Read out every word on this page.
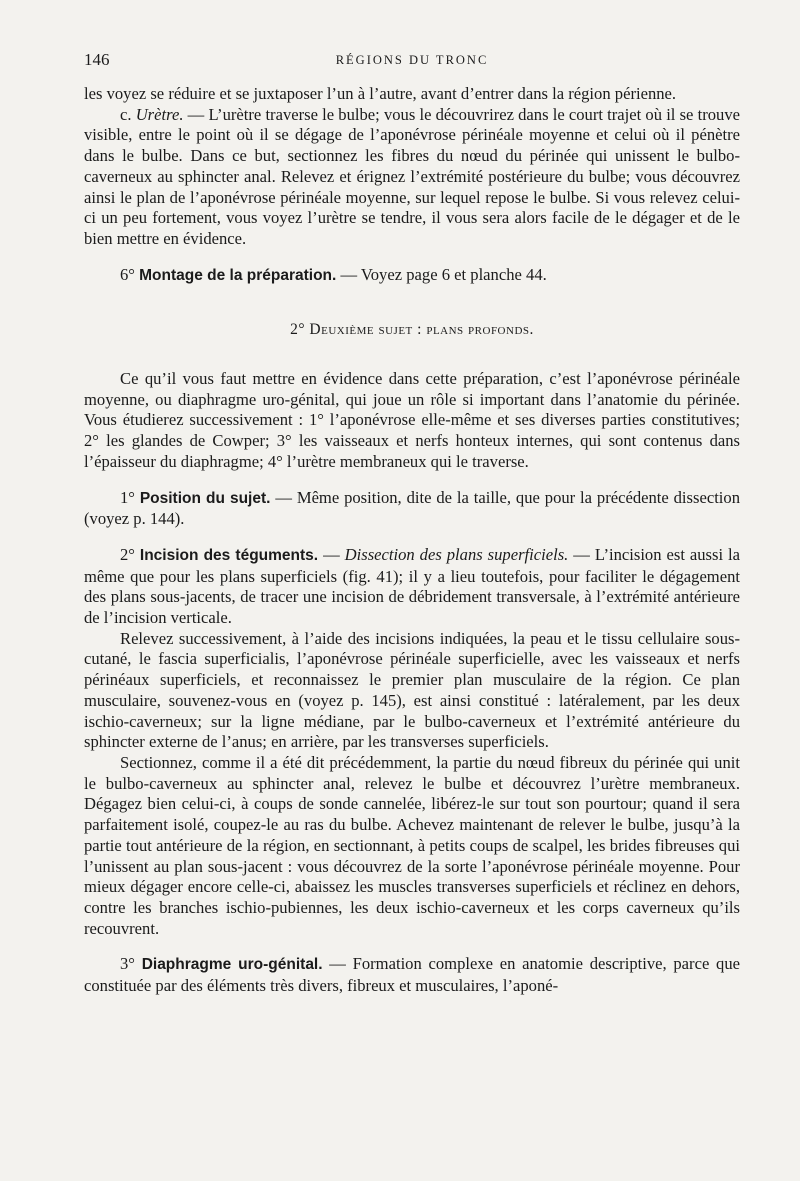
146	RÉGIONS DU TRONC

les voyez se réduire et se juxtaposer l’un à l’autre, avant d’entrer dans la région périenne.

c. Urètre. — L’urètre traverse le bulbe; vous le découvrirez dans le court trajet où il se trouve visible, entre le point où il se dégage de l’aponévrose périnéale moyenne et celui où il pénètre dans le bulbe. Dans ce but, sectionnez les fibres du nœud du périnée qui unissent le bulbo-caverneux au sphincter anal. Relevez et érignez l’extrémité postérieure du bulbe; vous découvrez ainsi le plan de l’aponévrose périnéale moyenne, sur lequel repose le bulbe. Si vous relevez celui-ci un peu fortement, vous voyez l’urètre se tendre, il vous sera alors facile de le dégager et de le bien mettre en évidence.

6° Montage de la préparation. — Voyez page 6 et planche 44.

2° Deuxième sujet : plans profonds.

Ce qu’il vous faut mettre en évidence dans cette préparation, c’est l’aponévrose périnéale moyenne, ou diaphragme uro-génital, qui joue un rôle si important dans l’anatomie du périnée. Vous étudierez successivement : 1° l’aponévrose elle-même et ses diverses parties constitutives; 2° les glandes de Cowper; 3° les vaisseaux et nerfs honteux internes, qui sont contenus dans l’épaisseur du diaphragme; 4° l’urètre membraneux qui le traverse.

1° Position du sujet. — Même position, dite de la taille, que pour la précédente dissection (voyez p. 144).

2° Incision des téguments. — Dissection des plans superficiels. — L’incision est aussi la même que pour les plans superficiels (fig. 41); il y a lieu toutefois, pour faciliter le dégagement des plans sous-jacents, de tracer une incision de débridement transversale, à l’extrémité antérieure de l’incision verticale.

Relevez successivement, à l’aide des incisions indiquées, la peau et le tissu cellulaire sous-cutané, le fascia superficialis, l’aponévrose périnéale superficielle, avec les vaisseaux et nerfs périnéaux superficiels, et reconnaissez le premier plan musculaire de la région. Ce plan musculaire, souvenez-vous en (voyez p. 145), est ainsi constitué : latéralement, par les deux ischio-caverneux; sur la ligne médiane, par le bulbo-caverneux et l’extrémité antérieure du sphincter externe de l’anus; en arrière, par les transverses superficiels.

Sectionnez, comme il a été dit précédemment, la partie du nœud fibreux du périnée qui unit le bulbo-caverneux au sphincter anal, relevez le bulbe et découvrez l’urètre membraneux. Dégagez bien celui-ci, à coups de sonde cannelée, libérez-le sur tout son pourtour; quand il sera parfaitement isolé, coupez-le au ras du bulbe. Achevez maintenant de relever le bulbe, jusqu’à la partie tout antérieure de la région, en sectionnant, à petits coups de scalpel, les brides fibreuses qui l’unissent au plan sous-jacent : vous découvrez de la sorte l’aponévrose périnéale moyenne. Pour mieux dégager encore celle-ci, abaissez les muscles transverses superficiels et réclinez en dehors, contre les branches ischio-pubiennes, les deux ischio-caverneux et les corps caverneux qu’ils recouvrent.

3° Diaphragme uro-génital. — Formation complexe en anatomie descriptive, parce que constituée par des éléments très divers, fibreux et musculaires, l’aponé-
